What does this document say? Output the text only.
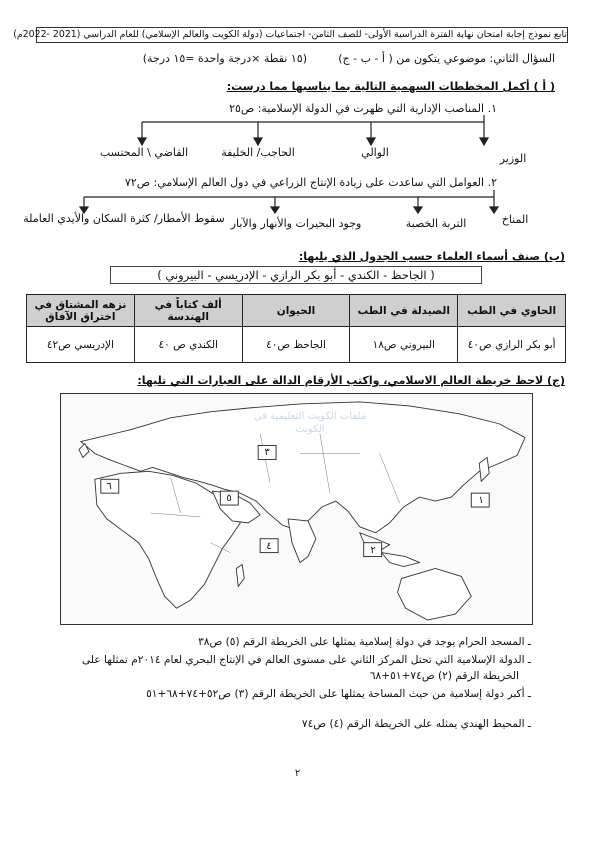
تابع نموذج إجابة امتحان نهاية الفترة الدراسية الأولى- للصف الثامن- اجتماعيات (دولة الكويت والعالم الإسلامي) للعام الدراسي (2021 -2022م)
السؤال الثاني: موضوعي يتكون من ( أ - ب - ج)
(١٥ نقطة ×درجة واحدة =١٥ درجة)
( أ ) أكمل المخططات السهمية التالية بما يناسبها مما درست:
١. المناصب الإدارية التي ظهرت في الدولة الإسلامية: ص٢٥
الوزير
الوالي
الحاجب/ الخليفة
القاضي \ المحتسب
٢. العوامل التي ساعدت على زيادة الإنتاج الزراعي في دول العالم الإسلامي: ص٧٢
المناخ
التربة الخصبة
وجود البحيرات والأنهار والآبار
سقوط الأمطار/ كثرة السكان والأيدي العاملة
(ب) صنف أسماء العلماء حسب الجدول الذي يليها:
( الجاحظ - الكندي - أبو بكر الرازي - الإدريسي - البيروني )
الحاوي في الطب	الصيدلة في الطب	الحيوان	ألف كتاباً في الهندسة	نزهه المشتاق في اختراق الآفاق
أبو بكر الرازي ص٤٠	البيروني ص١٨	الجاحظ ص٤٠	الكندي ص ٤٠	الإدريسي ص٤٢
(ج) لاحظ خريطة العالم الاسلامي، واكتب الأرقام الدالة على العبارات التي تليها:
١
٢
٣
٤
٥
٦
ملفات الكويت التعليمية في الكويت
ـ المسجد الحرام يوجد في دولة إسلامية يمثلها على الخريطة الرقم (٥) ص٣٨
ـ الدولة الإسلامية التي تحتل المركز الثاني على مستوى العالم في الإنتاج البحري لعام ٢٠١٤م تمثلها على
الخريطة الرقم (٢) ص٧٤+٥١+٦٨
ـ أكبر دولة إسلامية من حيث المساحة يمثلها على الخريطة الرقم (٣) ص٥٢+٧٤+٦٨+٥١
ـ المحيط الهندي يمثله على الخريطة الرقم (٤) ص٧٤
٢
